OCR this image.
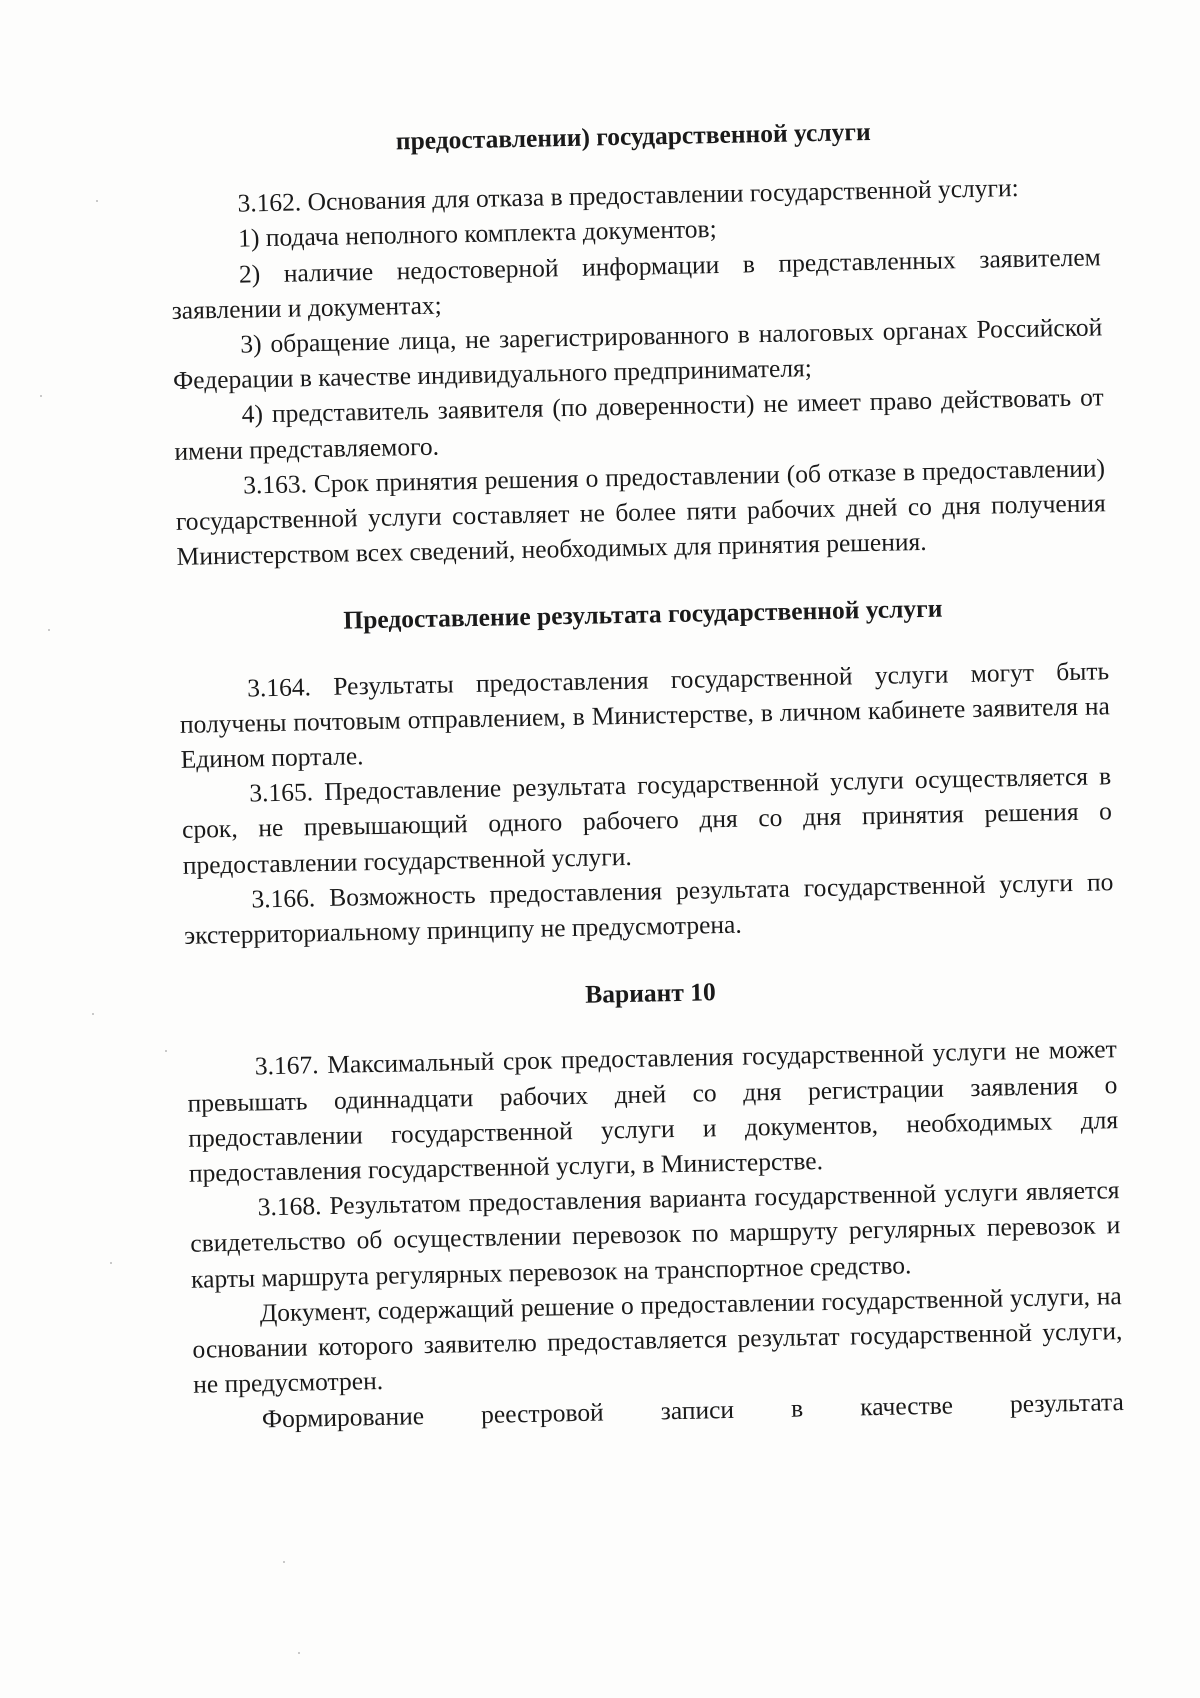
предоставлении) государственной услуги

3.162. Основания для отказа в предоставлении государственной услуги:

1) подача неполного комплекта документов;

2) наличие недостоверной информации в представленных заявителем заявлении и документах;

3) обращение лица, не зарегистрированного в налоговых органах Российской Федерации в качестве индивидуального предпринимателя;

4) представитель заявителя (по доверенности) не имеет право действовать от имени представляемого.

3.163. Срок принятия решения о предоставлении (об отказе в предоставлении) государственной услуги составляет не более пяти рабочих дней со дня получения Министерством всех сведений, необходимых для принятия решения.

Предоставление результата государственной услуги

3.164. Результаты предоставления государственной услуги могут быть получены почтовым отправлением, в Министерстве, в личном кабинете заявителя на Едином портале.

3.165. Предоставление результата государственной услуги осуществляется в срок, не превышающий одного рабочего дня со дня принятия решения о предоставлении государственной услуги.

3.166. Возможность предоставления результата государственной услуги по экстерриториальному принципу не предусмотрена.

Вариант 10

3.167. Максимальный срок предоставления государственной услуги не может превышать одиннадцати рабочих дней со дня регистрации заявления о предоставлении государственной услуги и документов, необходимых для предоставления государственной услуги, в Министерстве.

3.168. Результатом предоставления варианта государственной услуги является свидетельство об осуществлении перевозок по маршруту регулярных перевозок и карты маршрута регулярных перевозок на транспортное средство.

Документ, содержащий решение о предоставлении государственной услуги, на основании которого заявителю предоставляется результат государственной услуги, не предусмотрен.

Формирование реестровой записи в качестве результата
